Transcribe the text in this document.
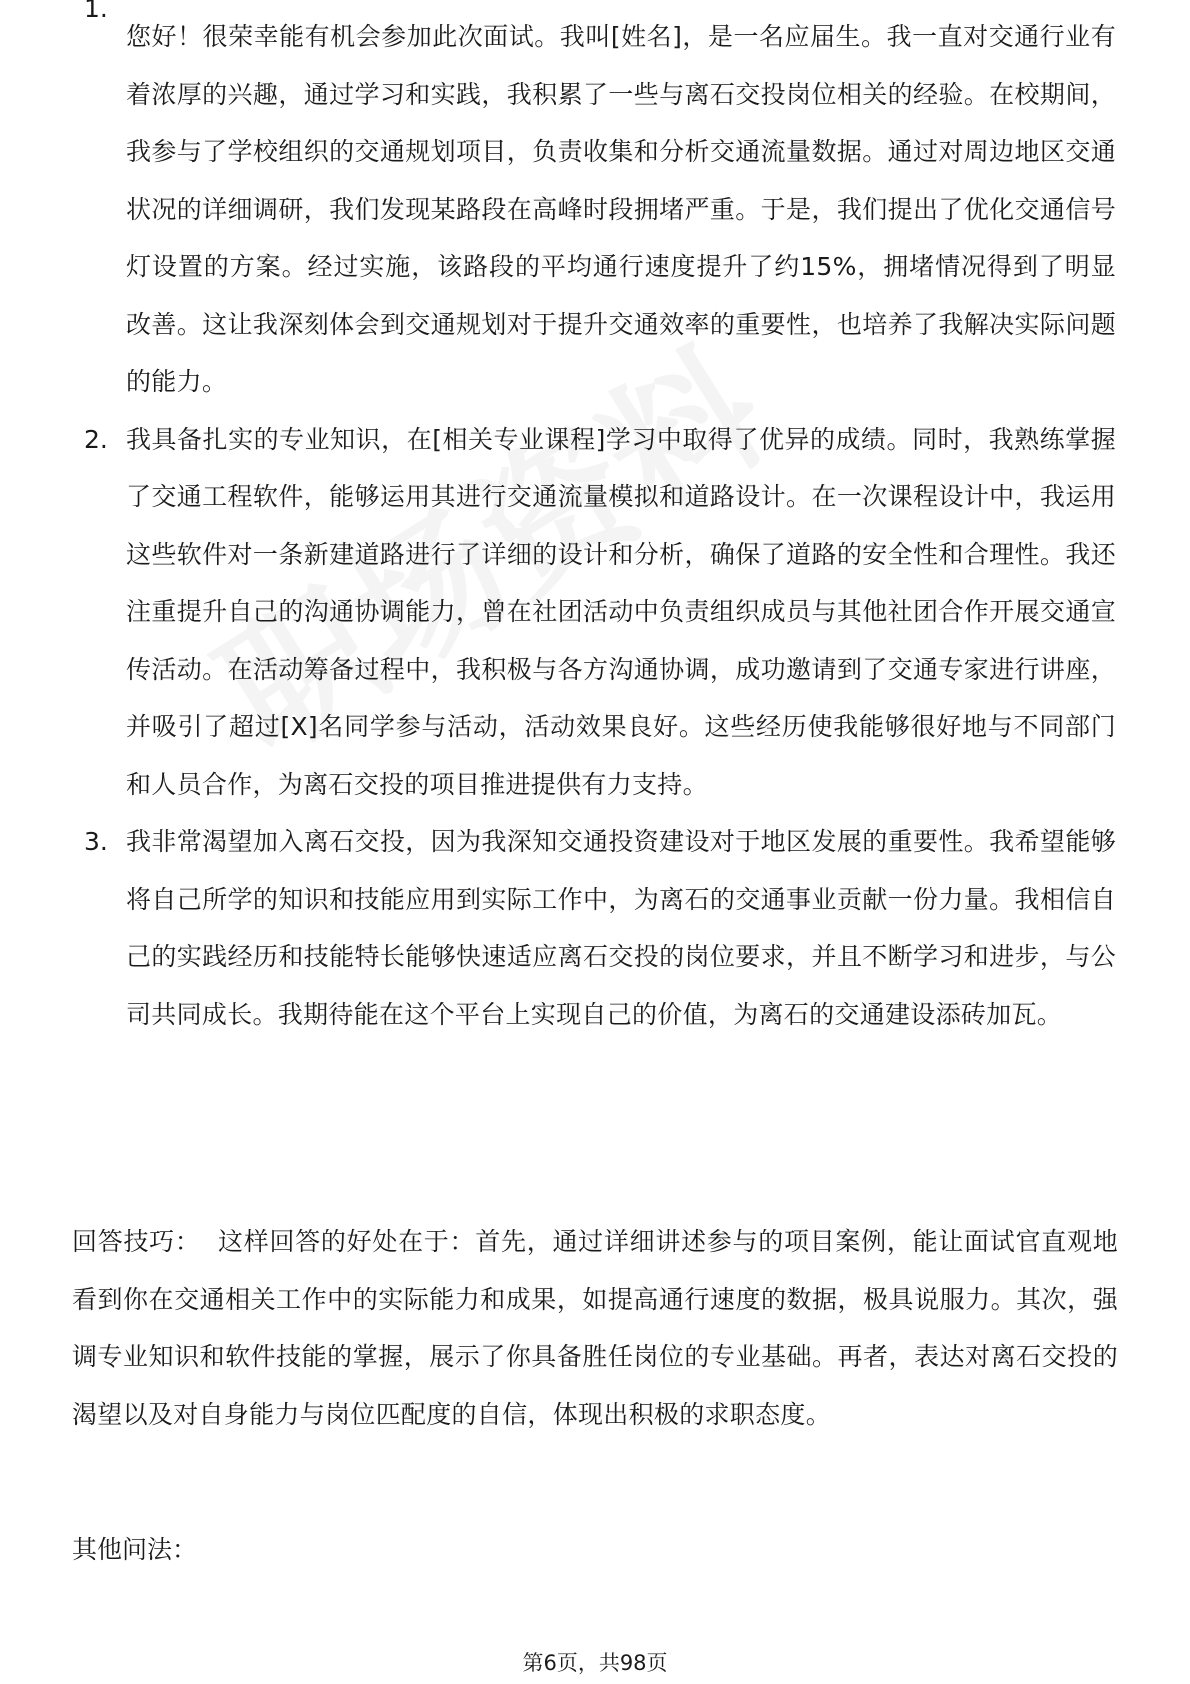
1.
您好！很荣幸能有机会参加此次面试。我叫[姓名]，是一名应届生。我一直对交通行业有着浓厚的兴趣，通过学习和实践，我积累了一些与离石交投岗位相关的经验。在校期间，我参与了学校组织的交通规划项目，负责收集和分析交通流量数据。通过对周边地区交通状况的详细调研，我们发现某路段在高峰时段拥堵严重。于是，我们提出了优化交通信号灯设置的方案。经过实施，该路段的平均通行速度提升了约15%，拥堵情况得到了明显改善。这让我深刻体会到交通规划对于提升交通效率的重要性，也培养了我解决实际问题的能力。
2. 我具备扎实的专业知识，在[相关专业课程]学习中取得了优异的成绩。同时，我熟练掌握了交通工程软件，能够运用其进行交通流量模拟和道路设计。在一次课程设计中，我运用这些软件对一条新建道路进行了详细的设计和分析，确保了道路的安全性和合理性。我还注重提升自己的沟通协调能力，曾在社团活动中负责组织成员与其他社团合作开展交通宣传活动。在活动筹备过程中，我积极与各方沟通协调，成功邀请到了交通专家进行讲座，并吸引了超过[X]名同学参与活动，活动效果良好。这些经历使我能够很好地与不同部门和人员合作，为离石交投的项目推进提供有力支持。
3. 我非常渴望加入离石交投，因为我深知交通投资建设对于地区发展的重要性。我希望能够将自己所学的知识和技能应用到实际工作中，为离石的交通事业贡献一份力量。我相信自己的实践经历和技能特长能够快速适应离石交投的岗位要求，并且不断学习和进步，与公司共同成长。我期待能在这个平台上实现自己的价值，为离石的交通建设添砖加瓦。
回答技巧： 这样回答的好处在于：首先，通过详细讲述参与的项目案例，能让面试官直观地看到你在交通相关工作中的实际能力和成果，如提高通行速度的数据，极具说服力。其次，强调专业知识和软件技能的掌握，展示了你具备胜任岗位的专业基础。再者，表达对离石交投的渴望以及对自身能力与岗位匹配度的自信，体现出积极的求职态度。
其他问法：
第6页，共98页
